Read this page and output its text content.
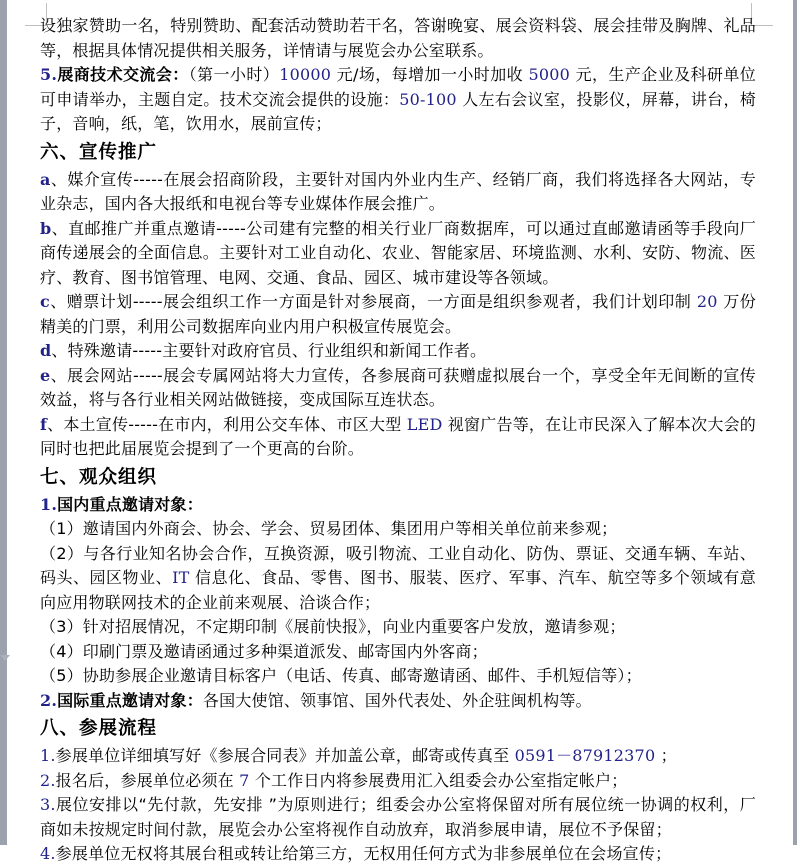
设独家赞助一名，特别赞助、配套活动赞助若干名，答谢晚宴、展会资料袋、展会挂带及胸牌、礼品等，根据具体情况提供相关服务，详情请与展览会办公室联系。

5.展商技术交流会：（第一小时）10000 元/场，每增加一小时加收 5000 元，生产企业及科研单位可申请举办，主题自定。技术交流会提供的设施：50-100 人左右会议室，投影仪，屏幕，讲台，椅子，音响，纸，笔，饮用水，展前宣传；

六、宣传推广

a、媒介宣传-----在展会招商阶段，主要针对国内外业内生产、经销厂商，我们将选择各大网站，专业杂志，国内各大报纸和电视台等专业媒体作展会推广。

b、直邮推广并重点邀请-----公司建有完整的相关行业厂商数据库，可以通过直邮邀请函等手段向厂商传递展会的全面信息。主要针对工业自动化、农业、智能家居、环境监测、水利、安防、物流、医疗、教育、图书馆管理、电网、交通、食品、园区、城市建设等各领域。

c、赠票计划-----展会组织工作一方面是针对参展商，一方面是组织参观者，我们计划印制 20 万份精美的门票，利用公司数据库向业内用户积极宣传展览会。

d、特殊邀请-----主要针对政府官员、行业组织和新闻工作者。

e、展会网站-----展会专属网站将大力宣传，各参展商可获赠虚拟展台一个，享受全年无间断的宣传效益，将与各行业相关网站做链接，变成国际互连状态。

f、本土宣传-----在市内，利用公交车体、市区大型 LED 视窗广告等，在让市民深入了解本次大会的同时也把此届展览会提到了一个更高的台阶。

七、观众组织

1.国内重点邀请对象：

（1）邀请国内外商会、协会、学会、贸易团体、集团用户等相关单位前来参观；

（2）与各行业知名协会合作，互换资源，吸引物流、工业自动化、防伪、票证、交通车辆、车站、码头、园区物业、IT 信息化、食品、零售、图书、服装、医疗、军事、汽车、航空等多个领域有意向应用物联网技术的企业前来观展、洽谈合作；

（3）针对招展情况，不定期印制《展前快报》，向业内重要客户发放，邀请参观；

（4）印刷门票及邀请函通过多种渠道派发、邮寄国内外客商；

（5）协助参展企业邀请目标客户（电话、传真、邮寄邀请函、邮件、手机短信等）；

2.国际重点邀请对象：各国大使馆、领事馆、国外代表处、外企驻闽机构等。

八、参展流程

1.参展单位详细填写好《参展合同表》并加盖公章，邮寄或传真至 0591－87912370 ；

2.报名后，参展单位必须在 7 个工作日内将参展费用汇入组委会办公室指定帐户；

3.展位安排以“先付款，先安排 ”为原则进行；组委会办公室将保留对所有展位统一协调的权利，厂商如未按规定时间付款，展览会办公室将视作自动放弃，取消参展申请，展位不予保留；

4.参展单位无权将其展台租或转让给第三方，无权用任何方式为非参展单位在会场宣传；
